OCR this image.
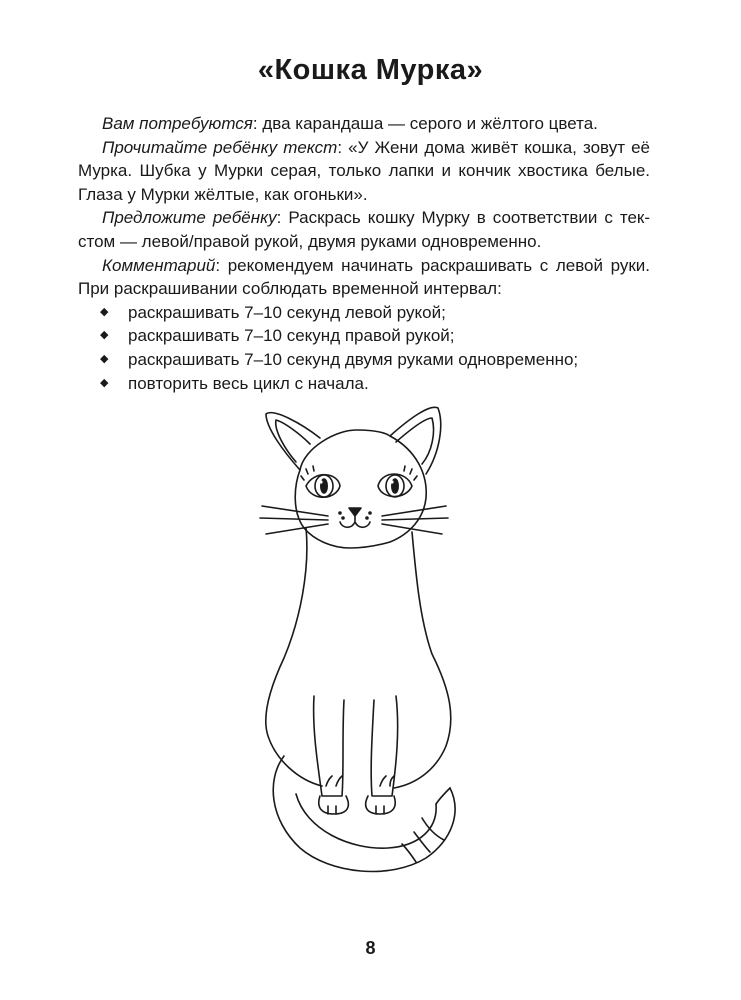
«Кошка Мурка»

Вам потребуются: два карандаша — серого и жёлтого цвета.

Прочитайте ребёнку текст: «У Жени дома живёт кошка, зовут её Мурка. Шубка у Мурки серая, только лапки и кончик хвостика белые. Глаза у Мурки жёлтые, как огоньки».

Предложите ребёнку: Раскрась кошку Мурку в соответствии с текстом — левой/правой рукой, двумя руками одновременно.

Комментарий: рекомендуем начинать раскрашивать с левой руки.

При раскрашивании соблюдать временной интервал:

◆ раскрашивать 7–10 секунд левой рукой;
◆ раскрашивать 7–10 секунд правой рукой;
◆ раскрашивать 7–10 секунд двумя руками одновременно;
◆ повторить весь цикл с начала.
8
